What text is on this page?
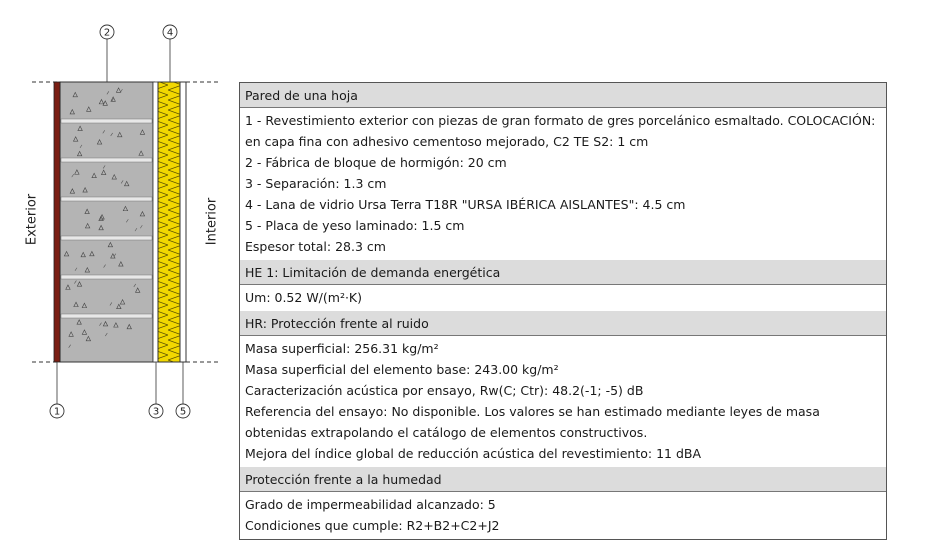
2	4
1	3 5
Exterior	Interior
Pared de una hoja
1 - Revestimiento exterior con piezas de gran formato de gres porcelánico esmaltado. COLOCACIÓN: en capa fina con adhesivo cementoso mejorado, C2 TE S2: 1 cm
2 - Fábrica de bloque de hormigón: 20 cm
3 - Separación: 1.3 cm
4 - Lana de vidrio Ursa Terra T18R "URSA IBÉRICA AISLANTES": 4.5 cm
5 - Placa de yeso laminado: 1.5 cm
Espesor total: 28.3 cm
HE 1: Limitación de demanda energética
Um: 0.52 W/(m²·K)
HR: Protección frente al ruido
Masa superficial: 256.31 kg/m²
Masa superficial del elemento base: 243.00 kg/m²
Caracterización acústica por ensayo, Rw(C; Ctr): 48.2(-1; -5) dB
Referencia del ensayo: No disponible. Los valores se han estimado mediante leyes de masa obtenidas extrapolando el catálogo de elementos constructivos.
Mejora del índice global de reducción acústica del revestimiento: 11 dBA
Protección frente a la humedad
Grado de impermeabilidad alcanzado: 5
Condiciones que cumple: R2+B2+C2+J2
